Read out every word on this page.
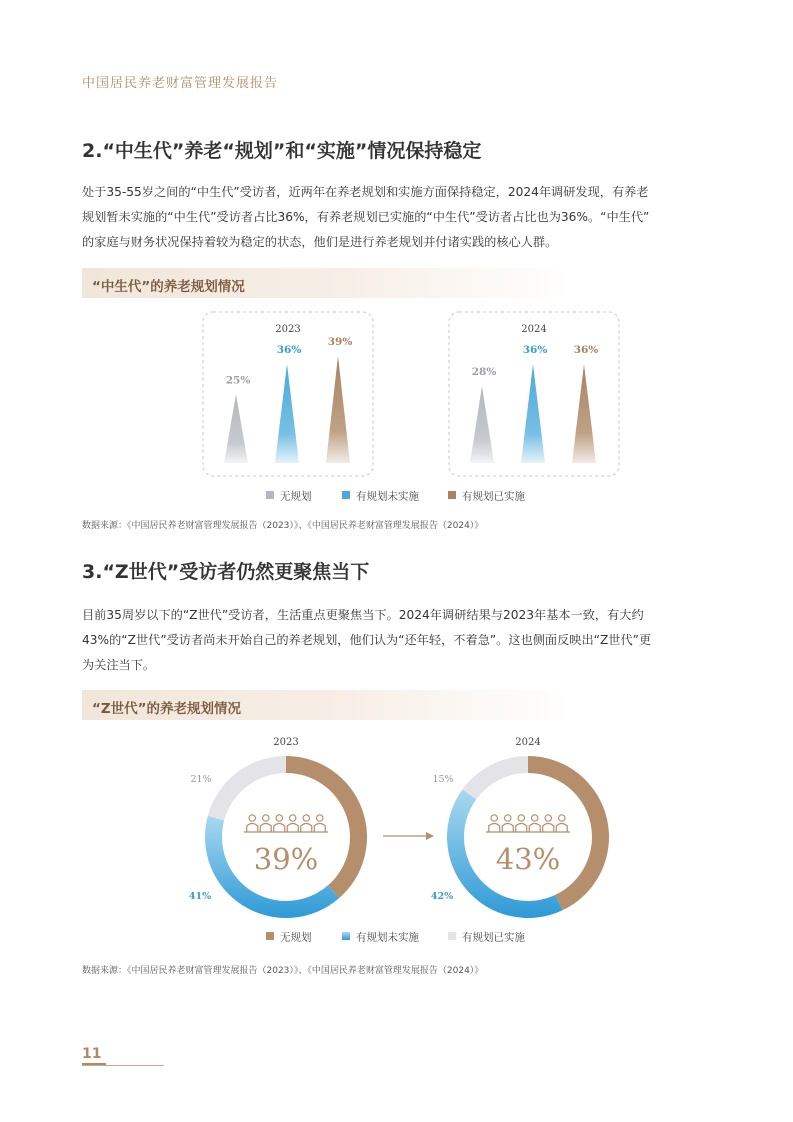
中国居民养老财富管理发展报告
2.“中生代”养老“规划”和“实施”情况保持稳定
处于35-55岁之间的“中生代”受访者，近两年在养老规划和实施方面保持稳定，2024年调研发现，有养老
规划暂未实施的“中生代”受访者占比36%，有养老规划已实施的“中生代”受访者占比也为36%。“中生代”
的家庭与财务状况保持着较为稳定的状态，他们是进行养老规划并付诸实践的核心人群。
“中生代”的养老规划情况
2023
25%
36%
39%
2024
28%
36%	36%
无规划	有规划未实施	有规划已实施
数据来源：《中国居民养老财富管理发展报告（2023）》、《中国居民养老财富管理发展报告（2024）》
3.“Z世代”受访者仍然更聚焦当下
目前35周岁以下的“Z世代”受访者，生活重点更聚焦当下。2024年调研结果与2023年基本一致，有大约
43%的“Z世代”受访者尚未开始自己的养老规划，他们认为“还年轻，不着急”。这也侧面反映出“Z世代”更
为关注当下。
“Z世代”的养老规划情况
2023
39%
41%
21%
2024
43%
42%
15%
无规划	有规划未实施	有规划已实施
数据来源：《中国居民养老财富管理发展报告（2023）》、《中国居民养老财富管理发展报告（2024）》
11
